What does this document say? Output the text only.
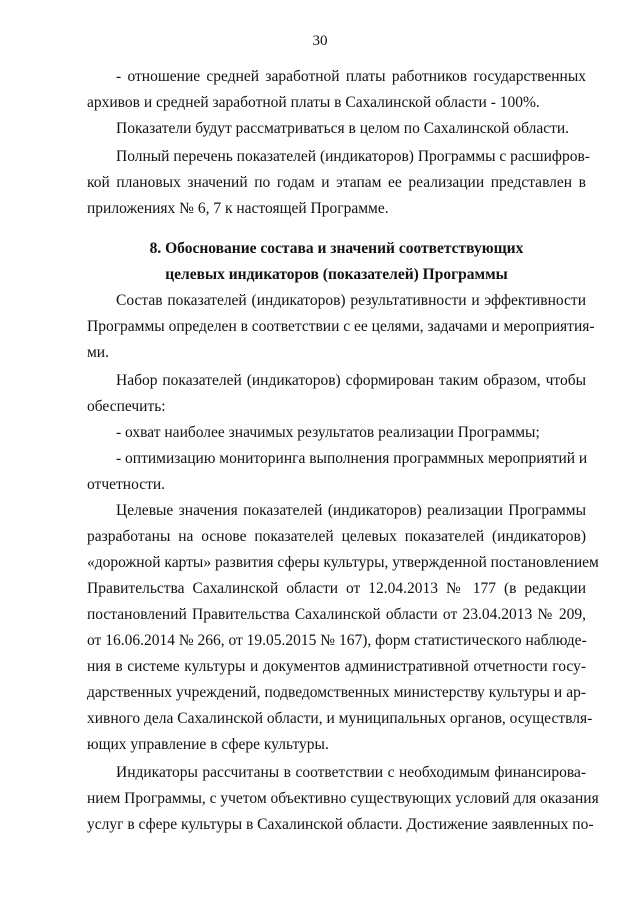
30
- отношение средней заработной платы работников государственных
архивов и средней заработной платы в Сахалинской области - 100%.
Показатели будут рассматриваться в целом по Сахалинской области.
Полный перечень показателей (индикаторов) Программы с расшифров-
кой плановых значений по годам и этапам ее реализации представлен в
приложениях № 6, 7 к настоящей Программе.
8. Обоснование состава и значений соответствующих
целевых индикаторов (показателей) Программы
Состав показателей (индикаторов) результативности и эффективности
Программы определен в соответствии с ее целями, задачами и мероприятия-
ми.
Набор показателей (индикаторов) сформирован таким образом, чтобы
обеспечить:
- охват наиболее значимых результатов реализации Программы;
- оптимизацию мониторинга выполнения программных мероприятий и
отчетности.
Целевые значения показателей (индикаторов) реализации Программы
разработаны на основе показателей целевых показателей (индикаторов)
«дорожной карты» развития сферы культуры, утвержденной постановлением
Правительства Сахалинской области от 12.04.2013 № 177 (в редакции
постановлений Правительства Сахалинской области от 23.04.2013 № 209,
от 16.06.2014 № 266, от 19.05.2015 № 167), форм статистического наблюде-
ния в системе культуры и документов административной отчетности госу-
дарственных учреждений, подведомственных министерству культуры и ар-
хивного дела Сахалинской области, и муниципальных органов, осуществля-
ющих управление в сфере культуры.
Индикаторы рассчитаны в соответствии с необходимым финансирова-
нием Программы, с учетом объективно существующих условий для оказания
услуг в сфере культуры в Сахалинской области. Достижение заявленных по-
